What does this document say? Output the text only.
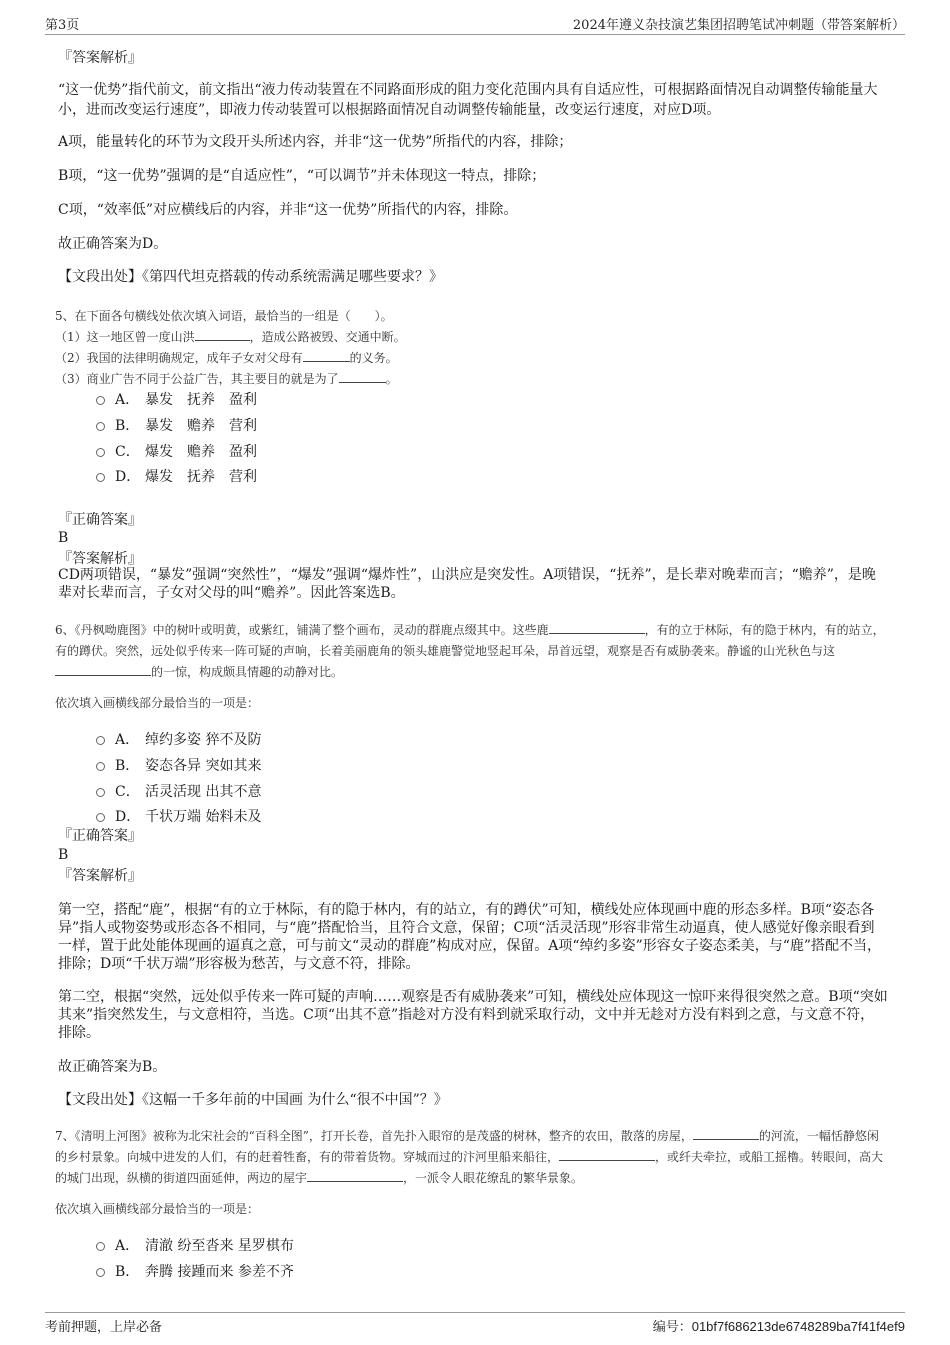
第3页	2024年遵义杂技演艺集团招聘笔试冲刺题（带答案解析）
『答案解析』
“这一优势”指代前文，前文指出“液力传动装置在不同路面形成的阻力变化范围内具有自适应性，可根据路面情况自动调整传输能量大小，进而改变运行速度”，即液力传动装置可以根据路面情况自动调整传输能量，改变运行速度，对应D项。
A项，能量转化的环节为文段开头所述内容，并非“这一优势”所指代的内容，排除；
B项，“这一优势”强调的是“自适应性”，“可以调节”并未体现这一特点，排除；
C项，“效率低”对应横线后的内容，并非“这一优势”所指代的内容，排除。
故正确答案为D。
【文段出处】《第四代坦克搭载的传动系统需满足哪些要求？》
5、在下面各句横线处依次填入词语，最恰当的一组是（　　）。
（1）这一地区曾一度山洪	，造成公路被毁、交通中断。
（2）我国的法律明确规定，成年子女对父母有	的义务。
（3）商业广告不同于公益广告，其主要目的就是为了	。
A． 暴发　抚养　盈利
B． 暴发　赡养　营利
C． 爆发　赡养　盈利
D． 爆发　抚养　营利
『正确答案』
B
『答案解析』
CD两项错误，“暴发”强调“突然性”，“爆发”强调“爆炸性”，山洪应是突发性。A项错误，“抚养”，是长辈对晚辈而言；“赡养”，是晚辈对长辈而言，子女对父母的叫“赡养”。因此答案选B。
6、《丹枫呦鹿图》中的树叶或明黄，或紫红，铺满了整个画布，灵动的群鹿点缀其中。这些鹿	，有的立于林际，有的隐于林内，有的站立，有的蹲伏。突然，远处似乎传来一阵可疑的声响，长着美丽鹿角的领头雄鹿警觉地竖起耳朵，昂首远望，观察是否有威胁袭来。静谧的山光秋色与这的一惊，构成颇具情趣的动静对比。
依次填入画横线部分最恰当的一项是：
A． 绰约多姿 猝不及防
B． 姿态各异 突如其来
C． 活灵活现 出其不意
D． 千状万端 始料未及
『正确答案』
B
『答案解析』
第一空，搭配“鹿”，根据“有的立于林际，有的隐于林内，有的站立，有的蹲伏”可知，横线处应体现画中鹿的形态多样。B项“姿态各异”指人或物姿势或形态各不相同，与“鹿”搭配恰当，且符合文意，保留；C项“活灵活现”形容非常生动逼真，使人感觉好像亲眼看到一样，置于此处能体现画的逼真之意，可与前文“灵动的群鹿”构成对应，保留。A项“绰约多姿”形容女子姿态柔美，与“鹿”搭配不当，排除；D项“千状万端”形容极为愁苦，与文意不符，排除。
第二空，根据“突然，远处似乎传来一阵可疑的声响……观察是否有威胁袭来”可知，横线处应体现这一惊吓来得很突然之意。B项“突如其来”指突然发生，与文意相符，当选。C项“出其不意”指趁对方没有料到就采取行动，文中并无趁对方没有料到之意，与文意不符，排除。
故正确答案为B。
【文段出处】《这幅一千多年前的中国画 为什么“很不中国”？》
7、《清明上河图》被称为北宋社会的“百科全图”，打开长卷，首先扑入眼帘的是茂盛的树林，整齐的农田，散落的房屋，	的河流，一幅恬静悠闲的乡村景象。向城中进发的人们，有的赶着牲畜，有的带着货物。穿城而过的汴河里船来船往，	，或纤夫牵拉，或船工摇橹。转眼间，高大的城门出现，纵横的街道四面延伸，两边的屋宇	，一派令人眼花缭乱的繁华景象。
依次填入画横线部分最恰当的一项是：
A． 清澈 纷至沓来 星罗棋布
B． 奔腾 接踵而来 参差不齐
考前押题，上岸必备	编号：01bf7f686213de6748289ba7f41f4ef9
